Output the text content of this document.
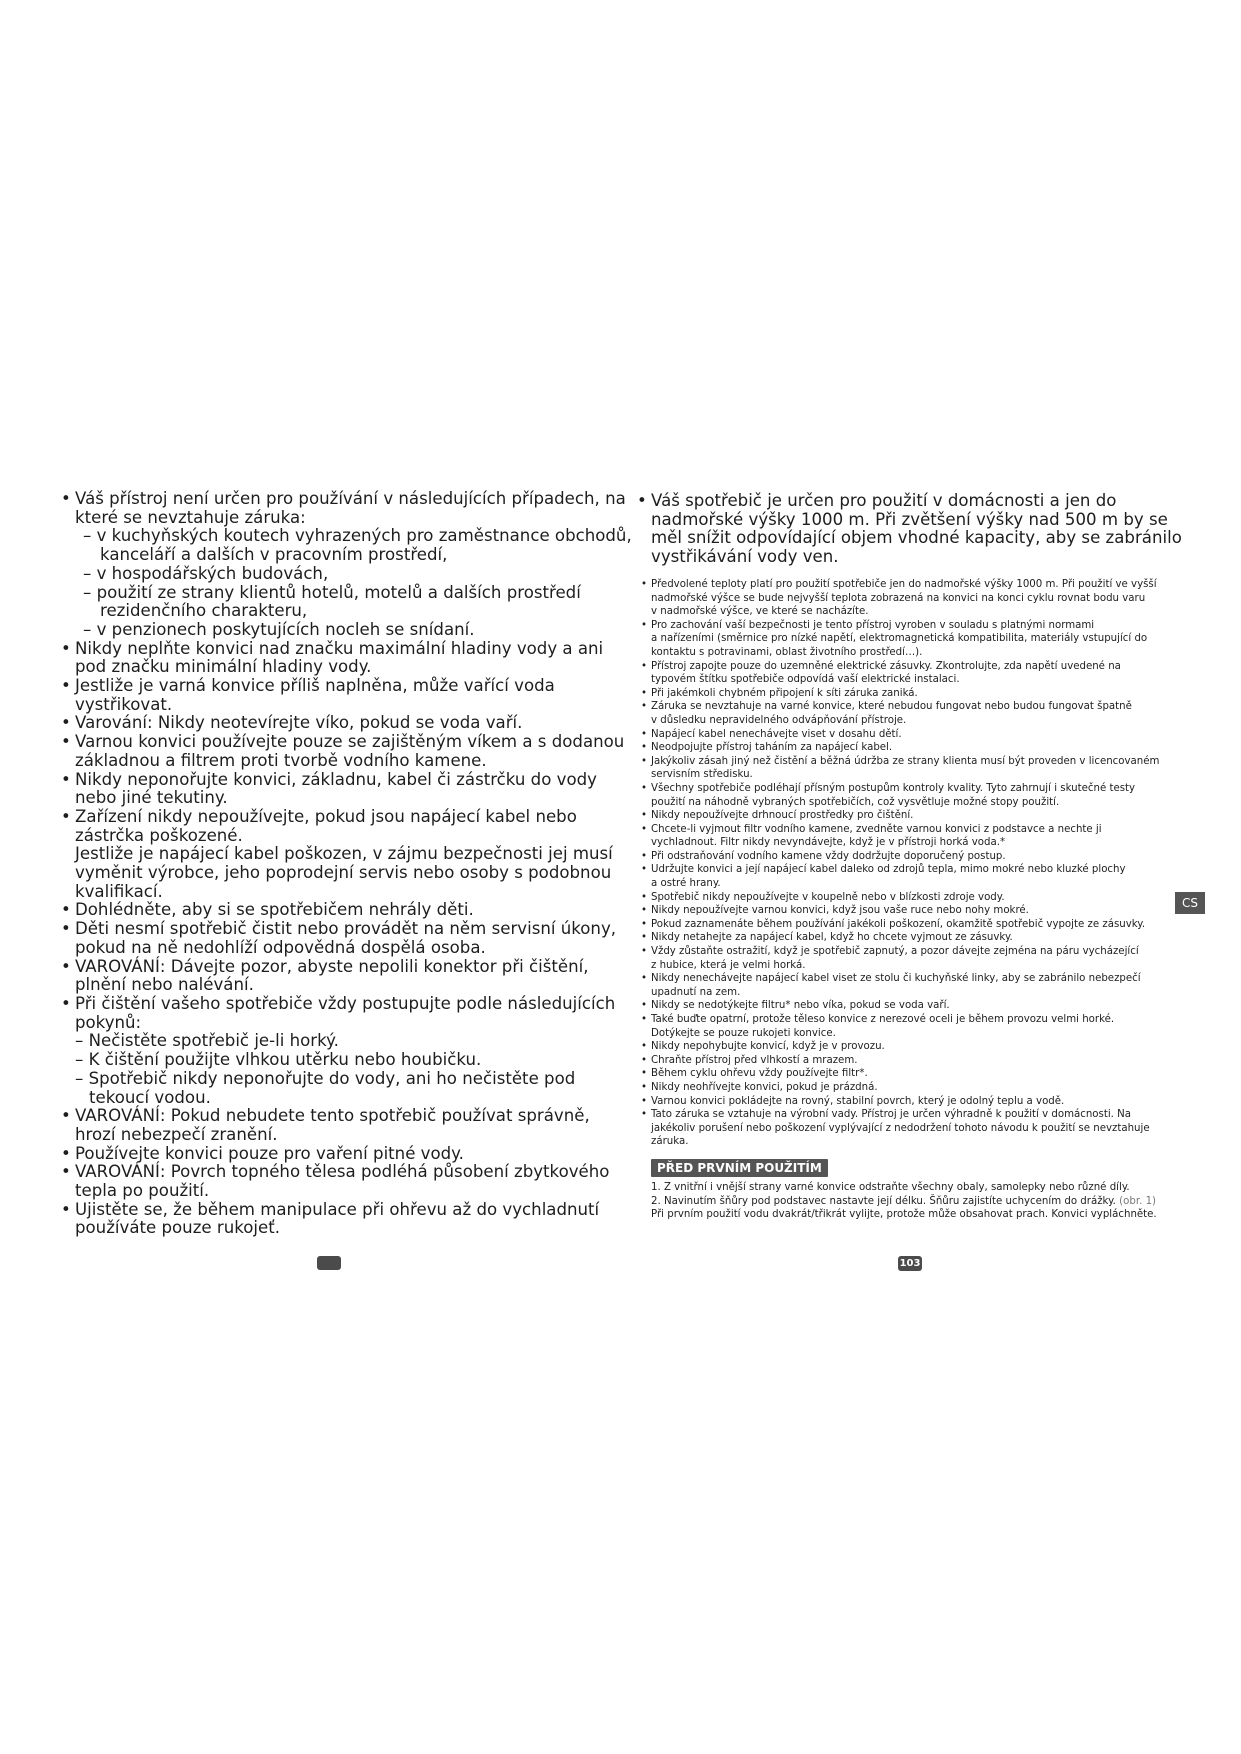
• Váš přístroj není určen pro používání v následujících případech, na
které se nevztahuje záruka:
– v kuchyňských koutech vyhrazených pro zaměstnance obchodů,
kanceláří a dalších v pracovním prostředí,
– v hospodářských budovách,
– použití ze strany klientů hotelů, motelů a dalších prostředí
rezidenčního charakteru,
– v penzionech poskytujících nocleh se snídaní.
• Nikdy neplňte konvici nad značku maximální hladiny vody a ani
pod značku minimální hladiny vody.
• Jestliže je varná konvice příliš naplněna, může vařící voda
vystřikovat.
• Varování: Nikdy neotevírejte víko, pokud se voda vaří.
• Varnou konvici používejte pouze se zajištěným víkem a s dodanou
základnou a filtrem proti tvorbě vodního kamene.
• Nikdy neponořujte konvici, základnu, kabel či zástrčku do vody
nebo jiné tekutiny.
• Zařízení nikdy nepoužívejte, pokud jsou napájecí kabel nebo
zástrčka poškozené.
Jestliže je napájecí kabel poškozen, v zájmu bezpečnosti jej musí
vyměnit výrobce, jeho poprodejní servis nebo osoby s podobnou
kvalifikací.
• Dohlédněte, aby si se spotřebičem nehrály děti.
• Děti nesmí spotřebič čistit nebo provádět na něm servisní úkony,
pokud na ně nedohlíží odpovědná dospělá osoba.
• VAROVÁNÍ: Dávejte pozor, abyste nepolili konektor při čištění,
plnění nebo nalévání.
• Při čištění vašeho spotřebiče vždy postupujte podle následujících
pokynů:
– Nečistěte spotřebič je-li horký.
– K čištění použijte vlhkou utěrku nebo houbičku.
– Spotřebič nikdy neponořujte do vody, ani ho nečistěte pod
tekoucí vodou.
• VAROVÁNÍ: Pokud nebudete tento spotřebič používat správně,
hrozí nebezpečí zranění.
• Používejte konvici pouze pro vaření pitné vody.
• VAROVÁNÍ: Povrch topného tělesa podléhá působení zbytkového
tepla po použití.
• Ujistěte se, že během manipulace při ohřevu až do vychladnutí
používáte pouze rukojeť.
• Váš spotřebič je určen pro použití v domácnosti a jen do
nadmořské výšky 1000 m. Při zvětšení výšky nad 500 m by se
měl snížit odpovídající objem vhodné kapacity, aby se zabránilo
vystřikávání vody ven.
• Předvolené teploty platí pro použití spotřebiče jen do nadmořské výšky 1000 m. Při použití ve vyšší
nadmořské výšce se bude nejvyšší teplota zobrazená na konvici na konci cyklu rovnat bodu varu
v nadmořské výšce, ve které se nacházíte.
• Pro zachování vaší bezpečnosti je tento přístroj vyroben v souladu s platnými normami
a nařízeními (směrnice pro nízké napětí, elektromagnetická kompatibilita, materiály vstupující do
kontaktu s potravinami, oblast životního prostředí…).
• Přístroj zapojte pouze do uzemněné elektrické zásuvky. Zkontrolujte, zda napětí uvedené na
typovém štítku spotřebiče odpovídá vaší elektrické instalaci.
• Při jakémkoli chybném připojení k síti záruka zaniká.
• Záruka se nevztahuje na varné konvice, které nebudou fungovat nebo budou fungovat špatně
v důsledku nepravidelného odvápňování přístroje.
• Napájecí kabel nenechávejte viset v dosahu dětí.
• Neodpojujte přístroj taháním za napájecí kabel.
• Jakýkoliv zásah jiný než čistění a běžná údržba ze strany klienta musí být proveden v licencovaném
servisním středisku.
• Všechny spotřebiče podléhají přísným postupům kontroly kvality. Tyto zahrnují i skutečné testy
použití na náhodně vybraných spotřebičích, což vysvětluje možné stopy použití.
• Nikdy nepoužívejte drhnoucí prostředky pro čištění.
• Chcete-li vyjmout filtr vodního kamene, zvedněte varnou konvici z podstavce a nechte ji
vychladnout. Filtr nikdy nevyndávejte, když je v přístroji horká voda.*
• Při odstraňování vodního kamene vždy dodržujte doporučený postup.
• Udržujte konvici a její napájecí kabel daleko od zdrojů tepla, mimo mokré nebo kluzké plochy
a ostré hrany.
• Spotřebič nikdy nepoužívejte v koupelně nebo v blízkosti zdroje vody.
• Nikdy nepoužívejte varnou konvici, když jsou vaše ruce nebo nohy mokré.
• Pokud zaznamenáte během používání jakékoli poškození, okamžitě spotřebič vypojte ze zásuvky.
• Nikdy netahejte za napájecí kabel, když ho chcete vyjmout ze zásuvky.
• Vždy zůstaňte ostražití, když je spotřebič zapnutý, a pozor dávejte zejména na páru vycházející
z hubice, která je velmi horká.
• Nikdy nenechávejte napájecí kabel viset ze stolu či kuchyňské linky, aby se zabránilo nebezpečí
upadnutí na zem.
• Nikdy se nedotýkejte filtru* nebo víka, pokud se voda vaří.
• Také buďte opatrní, protože těleso konvice z nerezové oceli je během provozu velmi horké.
Dotýkejte se pouze rukojeti konvice.
• Nikdy nepohybujte konvicí, když je v provozu.
• Chraňte přístroj před vlhkostí a mrazem.
• Během cyklu ohřevu vždy používejte filtr*.
• Nikdy neohřívejte konvici, pokud je prázdná.
• Varnou konvici pokládejte na rovný, stabilní povrch, který je odolný teplu a vodě.
• Tato záruka se vztahuje na výrobní vady. Přístroj je určen výhradně k použití v domácnosti. Na
jakékoliv porušení nebo poškození vyplývající z nedodržení tohoto návodu k použití se nevztahuje
záruka.
PŘED PRVNÍM POUŽITÍM
1. Z vnitřní i vnější strany varné konvice odstraňte všechny obaly, samolepky nebo různé díly.
2. Navinutím šňůry pod podstavec nastavte její délku. Šňůru zajistíte uchycením do drážky. (obr. 1)
Při prvním použití vodu dvakrát/třikrát vylijte, protože může obsahovat prach. Konvici vypláchněte.
103
CS
